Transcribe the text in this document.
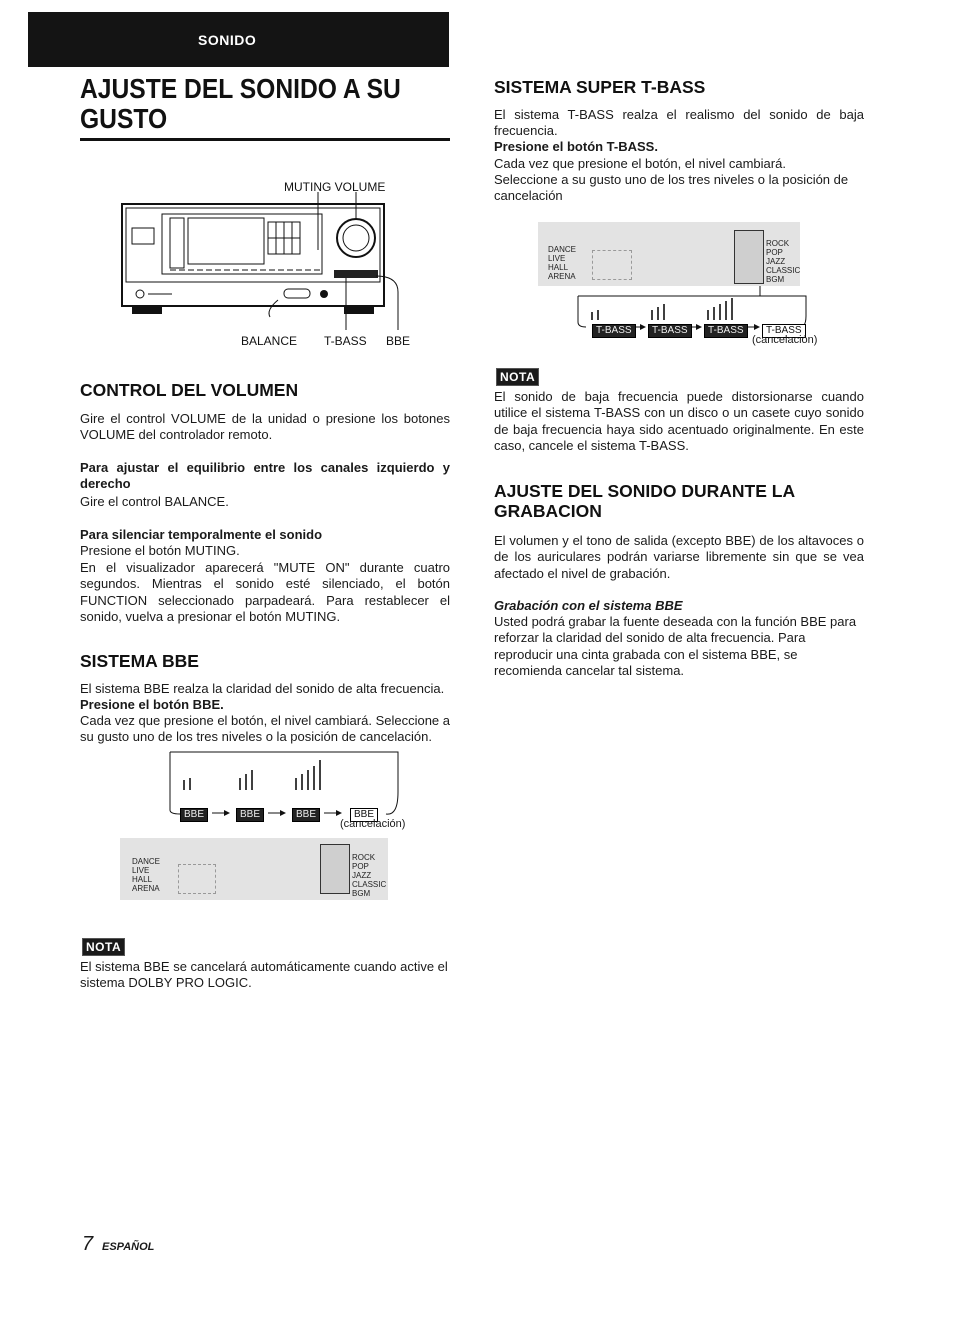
SONIDO
AJUSTE DEL SONIDO A SU GUSTO
MUTING VOLUME
BALANCE T-BASS BBE
CONTROL DEL VOLUMEN

Gire el control VOLUME de la unidad o presione los botones VOLUME del controlador remoto.

Para ajustar el equilibrio entre los canales izquierdo y derecho

Gire el control BALANCE.

Para silenciar temporalmente el sonido

Presione el botón MUTING.

En el visualizador aparecerá "MUTE ON" durante cuatro segundos. Mientras el sonido esté silenciado, el botón FUNCTION seleccionado parpadeará. Para restablecer el sonido, vuelva a presionar el botón MUTING.

SISTEMA BBE

El sistema BBE realza la claridad del sonido de alta frecuencia.

Presione el botón BBE.

Cada vez que presione el botón, el nivel cambiará. Seleccione a su gusto uno de los tres niveles o la posición de cancelación.

BBE	BBE	BBE	BBE
(cancelación)
DANCE
LIVE
HALL
ARENA
ROCK
POP
JAZZ
CLASSIC
BGM
NOTA

El sistema BBE se cancelará automáticamente cuando active el sistema DOLBY PRO LOGIC.

SISTEMA SUPER T-BASS

El sistema T-BASS realza el realismo del sonido de baja frecuencia.

Presione el botón T-BASS.

Cada vez que presione el botón, el nivel cambiará.

Seleccione a su gusto uno de los tres niveles o la posición de cancelación

DANCE
LIVE
HALL
ARENA
ROCK
POP
JAZZ
CLASSIC
BGM
T-BASS	T-BASS	T-BASS	T-BASS
(cancelación)
NOTA

El sonido de baja frecuencia puede distorsionarse cuando utilice el sistema T-BASS con un disco o un casete cuyo sonido de baja frecuencia haya sido acentuado originalmente. En este caso, cancele el sistema T-BASS.

AJUSTE DEL SONIDO DURANTE LA GRABACION

El volumen y el tono de salida (excepto BBE) de los altavoces o de los auriculares podrán variarse libremente sin que se vea afectado el nivel de grabación.

Grabación con el sistema BBE

Usted podrá grabar la fuente deseada con la función BBE para reforzar la claridad del sonido de alta frecuencia. Para reproducir una cinta grabada con el sistema BBE, se recomienda cancelar tal sistema.

7 ESPAÑOL
